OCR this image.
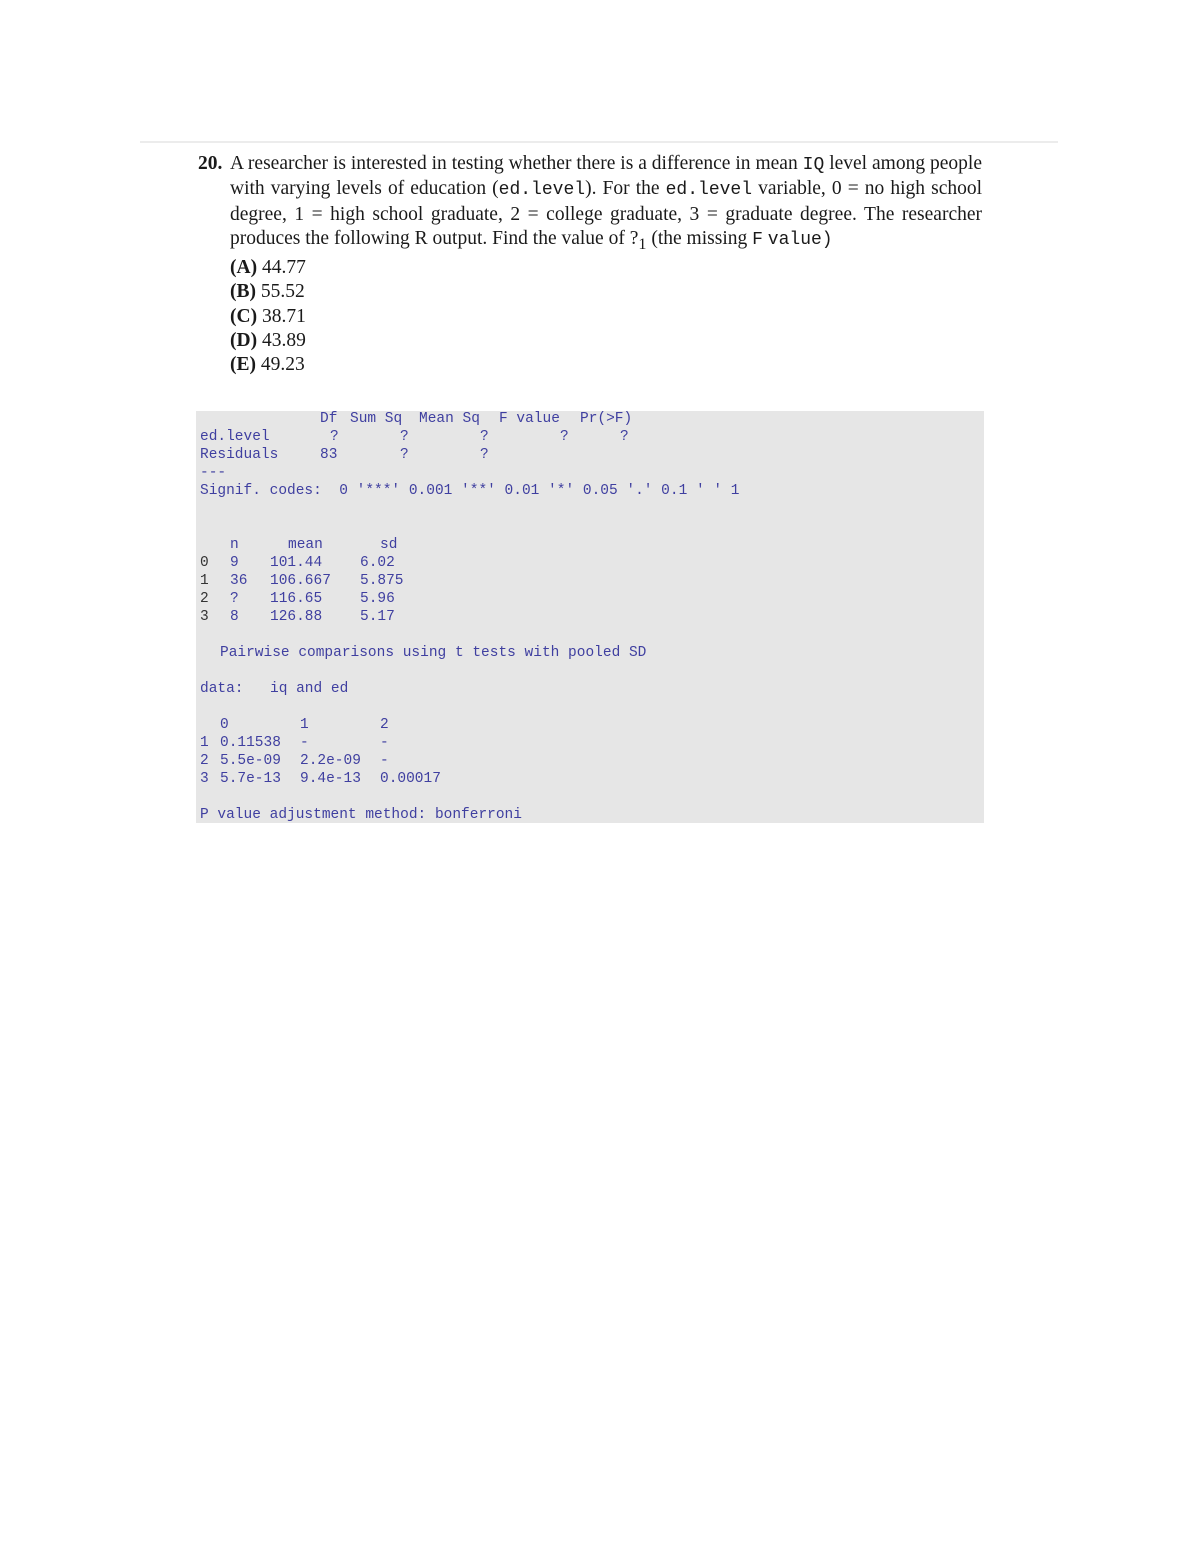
20. A researcher is interested in testing whether there is a difference in mean IQ level among people with varying levels of education (ed.level). For the ed.level variable, 0 = no high school degree, 1 = high school graduate, 2 = college graduate, 3 = graduate degree. The researcher produces the following R output. Find the value of $?_1$ (the missing F value)
(A) 44.77
(B) 55.52
(C) 38.71
(D) 43.89
(E) 49.23
Df Sum Sq Mean Sq F value Pr(>F)
ed.level	?	?	?	?	?
Residuals	83	?	?
---
Signif. codes:  0 '***' 0.001 '**' 0.01 '*' 0.05 '.' 0.1 ' ' 1
n	mean	sd
0 9 101.44	6.02
1 36 106.667 5.875
2 ? 116.65	5.96
3 8 126.88	5.17
Pairwise comparisons using t tests with pooled SD
data: iq and ed
0	1	2
1 0.11538 -	-
2 5.5e-09 2.2e-09 -
3 5.7e-13 9.4e-13 0.00017
P value adjustment method: bonferroni
